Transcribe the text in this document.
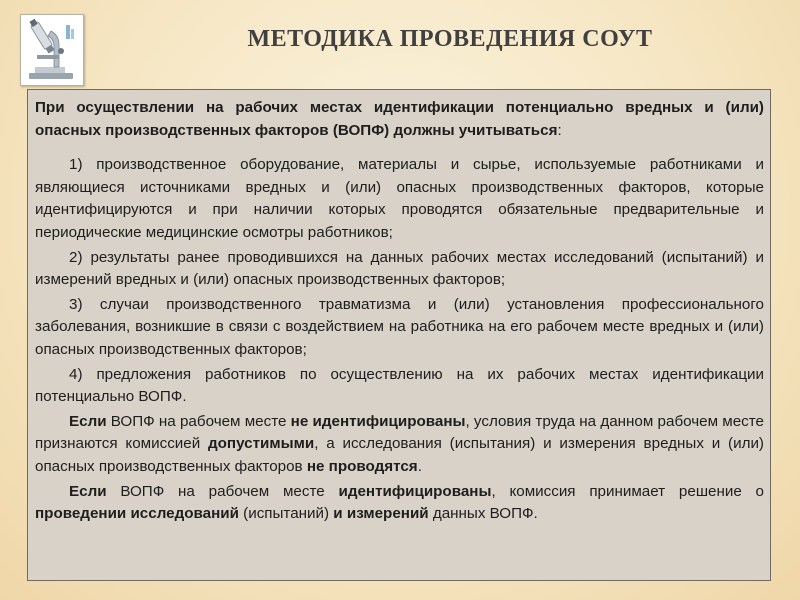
МЕТОДИКА ПРОВЕДЕНИЯ СОУТ

При осуществлении на рабочих местах идентификации потенциально вредных и (или) опасных производственных факторов (ВОПФ) должны учитываться:

1) производственное оборудование, материалы и сырье, используемые работниками и являющиеся источниками вредных и (или) опасных производственных факторов, которые идентифицируются и при наличии которых проводятся обязательные предварительные и периодические медицинские осмотры работников;

2) результаты ранее проводившихся на данных рабочих местах исследований (испытаний) и измерений вредных и (или) опасных производственных факторов;

3) случаи производственного травматизма и (или) установления профессионального заболевания, возникшие в связи с воздействием на работника на его рабочем месте вредных и (или) опасных производственных факторов;

4) предложения работников по осуществлению на их рабочих местах идентификации потенциально ВОПФ.

Если ВОПФ на рабочем месте не идентифицированы, условия труда на данном рабочем месте признаются комиссией допустимыми, а исследования (испытания) и измерения вредных и (или) опасных производственных факторов не проводятся.

Если ВОПФ на рабочем месте идентифицированы, комиссия принимает решение о проведении исследований (испытаний) и измерений данных ВОПФ.
